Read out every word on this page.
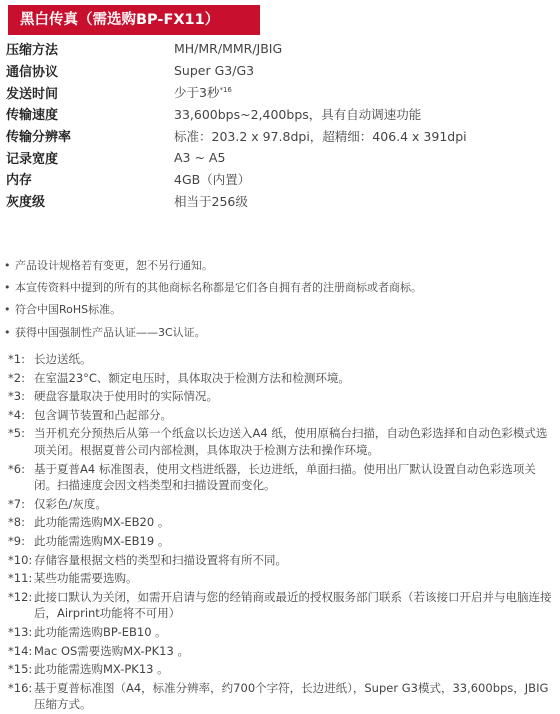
黑白传真（需选购BP-FX11）
压缩方法	MH/MR/MMR/JBIG
通信协议	Super G3/G3
发送时间	少于3秒$^{*16}$
传输速度	33,600bps~2,400bps，具有自动调速功能
传输分辨率	标准：203.2 x 97.8dpi，超精细：406.4 x 391dpi
记录宽度	A3 ~ A5
内存	4GB（内置）
灰度级	相当于256级
• 产品设计规格若有变更，恕不另行通知。
• 本宣传资料中提到的所有的其他商标名称都是它们各自拥有者的注册商标或者商标。
• 符合中国RoHS标准。
• 获得中国强制性产品认证——3C认证。
*1: 长边送纸。
*2: 在室温23°C、额定电压时，具体取决于检测方法和检测环境。
*3: 硬盘容量取决于使用时的实际情况。
*4: 包含调节装置和凸起部分。
*5: 当开机充分预热后从第一个纸盒以长边送入A4 纸，使用原稿台扫描，自动色彩选择和自动色彩模式选项关闭。根据夏普公司内部检测，具体取决于检测方法和操作环境。
*6: 基于夏普A4 标准图表，使用文档进纸器，长边进纸，单面扫描。使用出厂默认设置自动色彩选项关闭。扫描速度会因文档类型和扫描设置而变化。
*7: 仅彩色/灰度。
*8: 此功能需选购MX-EB20 。
*9: 此功能需选购MX-EB19 。
*10: 存储容量根据文档的类型和扫描设置将有所不同。
*11: 某些功能需要选购。
*12: 此接口默认为关闭，如需开启请与您的经销商或最近的授权服务部门联系（若该接口开启并与电脑连接后，Airprint功能将不可用）
*13: 此功能需选购BP-EB10 。
*14: Mac OS需要选购MX-PK13 。
*15: 此功能需选购MX-PK13 。
*16: 基于夏普标准图（A4，标准分辨率，约700个字符，长边进纸），Super G3模式，33,600bps，JBIG压缩方式。
